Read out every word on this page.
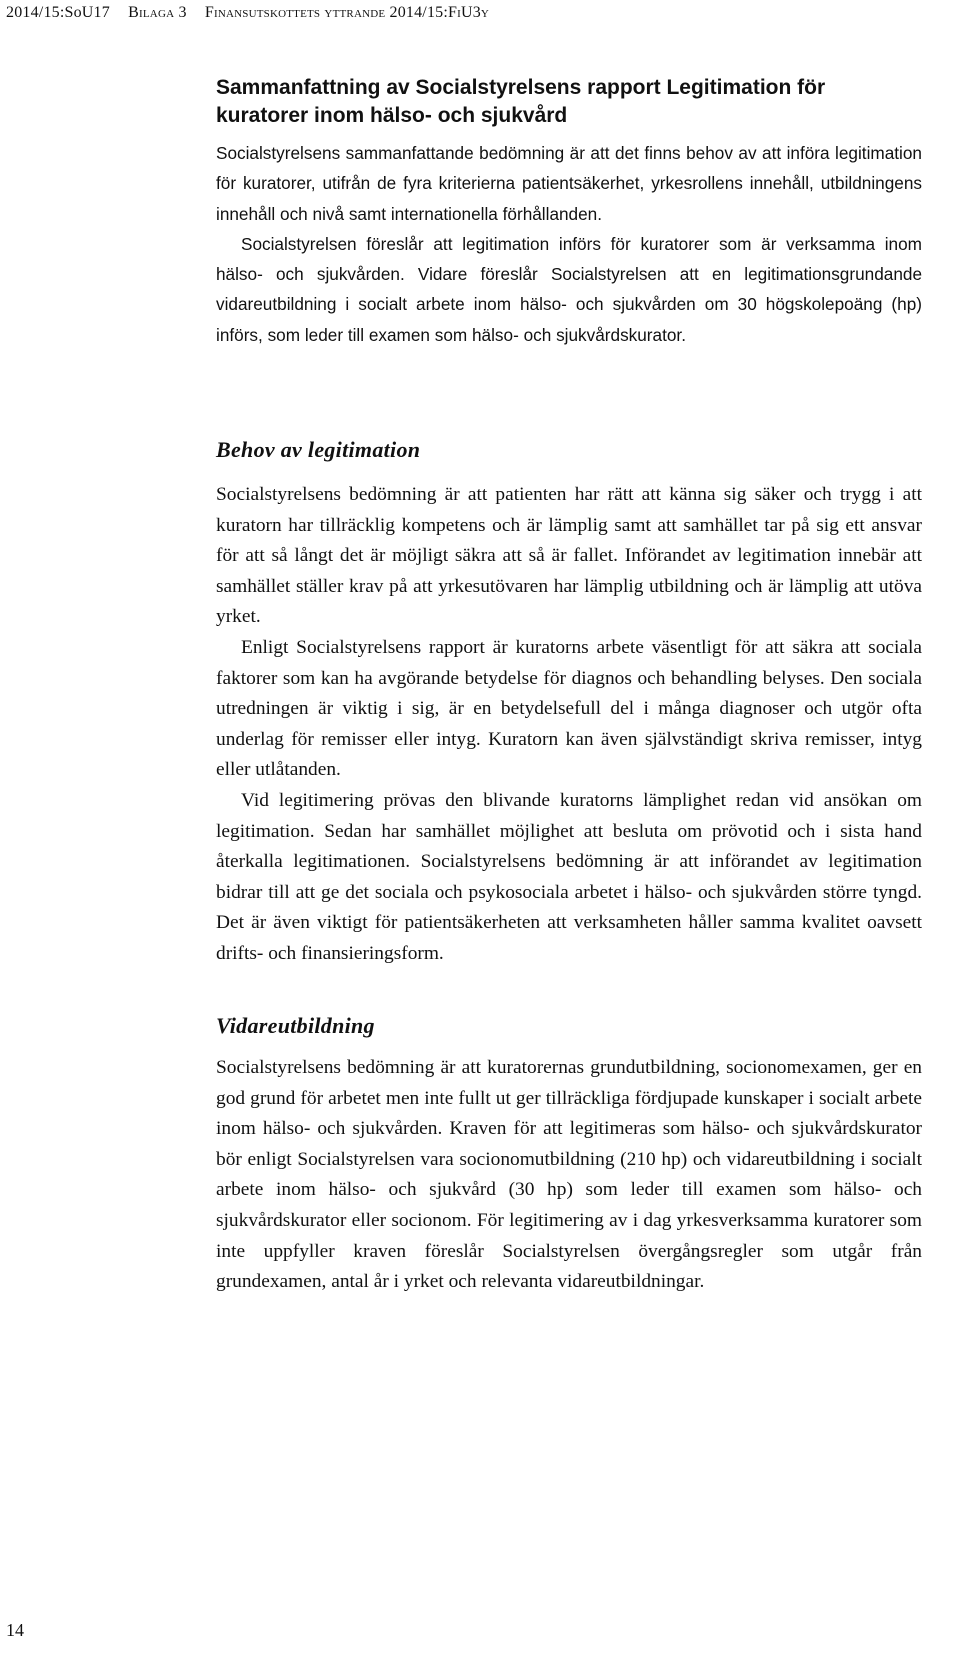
2014/15:SoU17 Bilaga 3 Finansutskottets yttrande 2014/15:FiU3y
Sammanfattning av Socialstyrelsens rapport Legitimation för kuratorer inom hälso- och sjukvård

Socialstyrelsens sammanfattande bedömning är att det finns behov av att införa legitimation för kuratorer, utifrån de fyra kriterierna patientsäkerhet, yrkesrollens innehåll, utbildningens innehåll och nivå samt internationella förhållanden.

Socialstyrelsen föreslår att legitimation införs för kuratorer som är verksamma inom hälso- och sjukvården. Vidare föreslår Socialstyrelsen att en legitimationsgrundande vidareutbildning i socialt arbete inom hälso- och sjukvården om 30 högskolepoäng (hp) införs, som leder till examen som hälso- och sjukvårdskurator.

Behov av legitimation

Socialstyrelsens bedömning är att patienten har rätt att känna sig säker och trygg i att kuratorn har tillräcklig kompetens och är lämplig samt att samhället tar på sig ett ansvar för att så långt det är möjligt säkra att så är fallet. Införandet av legitimation innebär att samhället ställer krav på att yrkesutövaren har lämplig utbildning och är lämplig att utöva yrket.

Enligt Socialstyrelsens rapport är kuratorns arbete väsentligt för att säkra att sociala faktorer som kan ha avgörande betydelse för diagnos och behandling belyses. Den sociala utredningen är viktig i sig, är en betydelsefull del i många diagnoser och utgör ofta underlag för remisser eller intyg. Kuratorn kan även självständigt skriva remisser, intyg eller utlåtanden.

Vid legitimering prövas den blivande kuratorns lämplighet redan vid ansökan om legitimation. Sedan har samhället möjlighet att besluta om prövotid och i sista hand återkalla legitimationen. Socialstyrelsens bedömning är att införandet av legitimation bidrar till att ge det sociala och psykosociala arbetet i hälso- och sjukvården större tyngd. Det är även viktigt för patientsäkerheten att verksamheten håller samma kvalitet oavsett drifts- och finansieringsform.

Vidareutbildning

Socialstyrelsens bedömning är att kuratorernas grundutbildning, socionomexamen, ger en god grund för arbetet men inte fullt ut ger tillräckliga fördjupade kunskaper i socialt arbete inom hälso- och sjukvården. Kraven för att legitimeras som hälso- och sjukvårdskurator bör enligt Socialstyrelsen vara socionomutbildning (210 hp) och vidareutbildning i socialt arbete inom hälso- och sjukvård (30 hp) som leder till examen som hälso- och sjukvårdskurator eller socionom. För legitimering av i dag yrkesverksamma kuratorer som inte uppfyller kraven föreslår Socialstyrelsen övergångsregler som utgår från grundexamen, antal år i yrket och relevanta vidareutbildningar.

14
